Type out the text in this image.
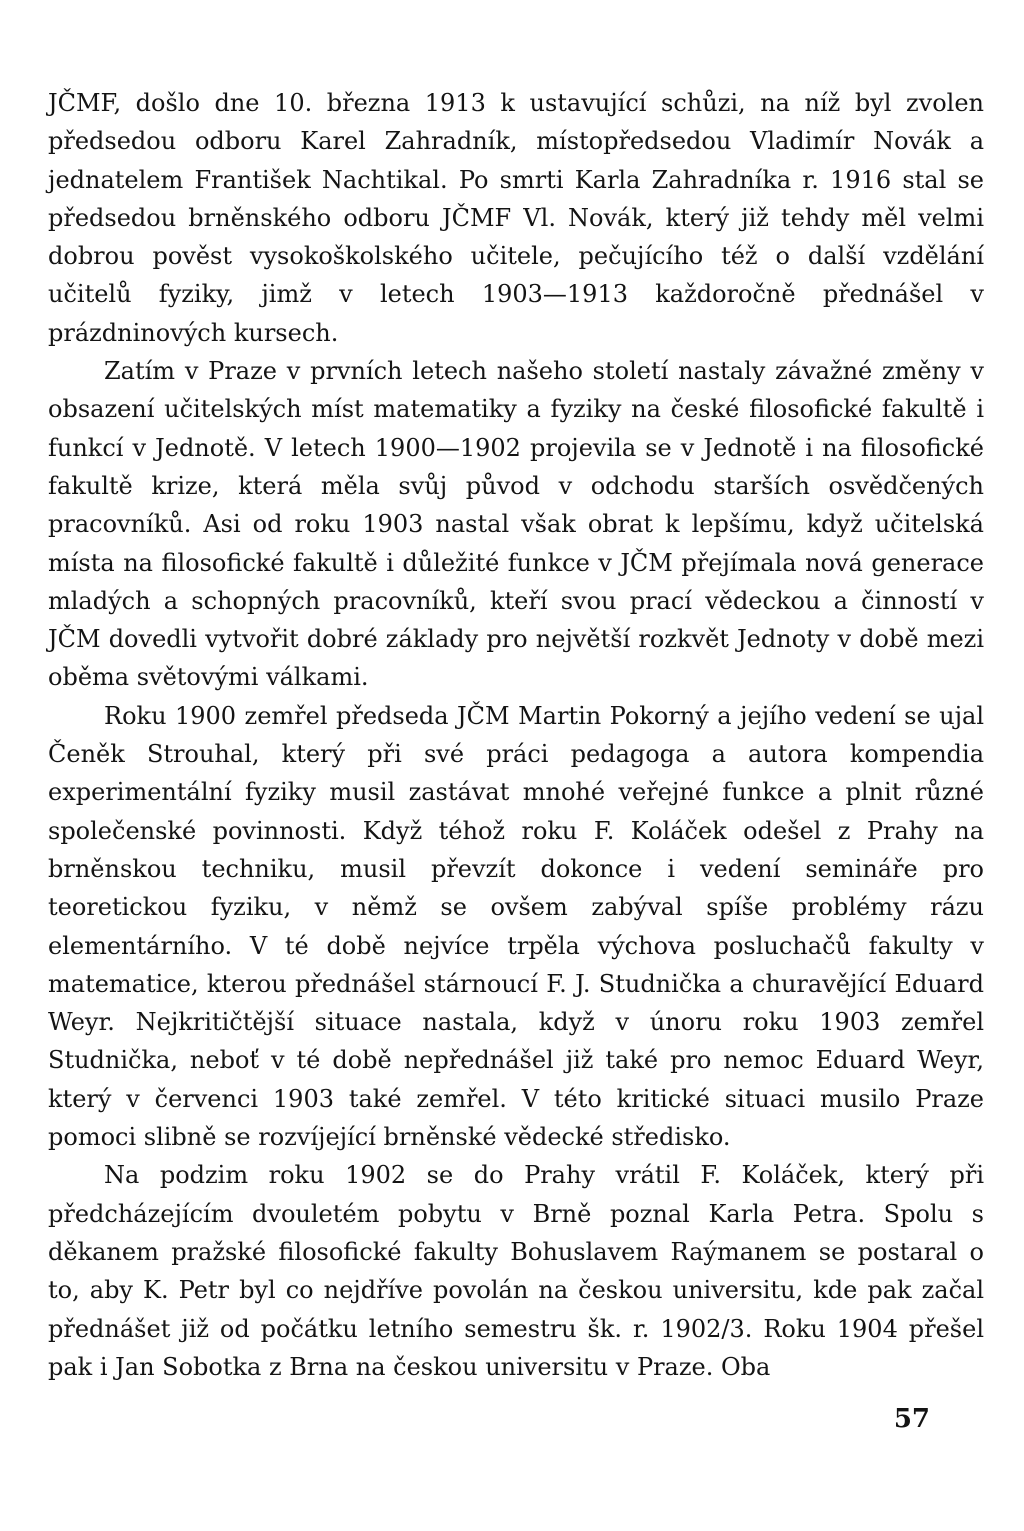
JČMF, došlo dne 10. března 1913 k ustavující schůzi, na níž byl zvolen předsedou odboru Karel Zahradník, místopředsedou Vladimír Novák a jednatelem František Nachtikal. Po smrti Karla Zahradníka r. 1916 stal se předsedou brněnského odboru JČMF Vl. Novák, který již tehdy měl velmi dobrou pověst vysokoškolského učitele, pečujícího též o další vzdělání učitelů fyziky, jimž v letech 1903—1913 každoročně přednášel v prázdninových kursech.

Zatím v Praze v prvních letech našeho století nastaly závažné změny v obsazení učitelských míst matematiky a fyziky na české filosofické fakultě i funkcí v Jednotě. V letech 1900—1902 projevila se v Jednotě i na filosofické fakultě krize, která měla svůj původ v odchodu starších osvědčených pracovníků. Asi od roku 1903 nastal však obrat k lepšímu, když učitelská místa na filosofické fakultě i důležité funkce v JČM přejímala nová generace mladých a schopných pracovníků, kteří svou prací vědeckou a činností v JČM dovedli vytvořit dobré základy pro největší rozkvět Jednoty v době mezi oběma světovými válkami.

Roku 1900 zemřel předseda JČM Martin Pokorný a jejího vedení se ujal Čeněk Strouhal, který při své práci pedagoga a autora kompendia experimentální fyziky musil zastávat mnohé veřejné funkce a plnit různé společenské povinnosti. Když téhož roku F. Koláček odešel z Prahy na brněnskou techniku, musil převzít dokonce i vedení semináře pro teoretickou fyziku, v němž se ovšem zabýval spíše problémy rázu elementárního. V té době nejvíce trpěla výchova posluchačů fakulty v matematice, kterou přednášel stárnoucí F. J. Studnička a churavějící Eduard Weyr. Nejkritičtější situace nastala, když v únoru roku 1903 zemřel Studnička, neboť v té době nepřednášel již také pro nemoc Eduard Weyr, který v červenci 1903 také zemřel. V této kritické situaci musilo Praze pomoci slibně se rozvíjející brněnské vědecké středisko.

Na podzim roku 1902 se do Prahy vrátil F. Koláček, který při předcházejícím dvouletém pobytu v Brně poznal Karla Petra. Spolu s děkanem pražské filosofické fakulty Bohuslavem Raýmanem se postaral o to, aby K. Petr byl co nejdříve povolán na českou universitu, kde pak začal přednášet již od počátku letního semestru šk. r. 1902/3. Roku 1904 přešel pak i Jan Sobotka z Brna na českou universitu v Praze. Oba

57
